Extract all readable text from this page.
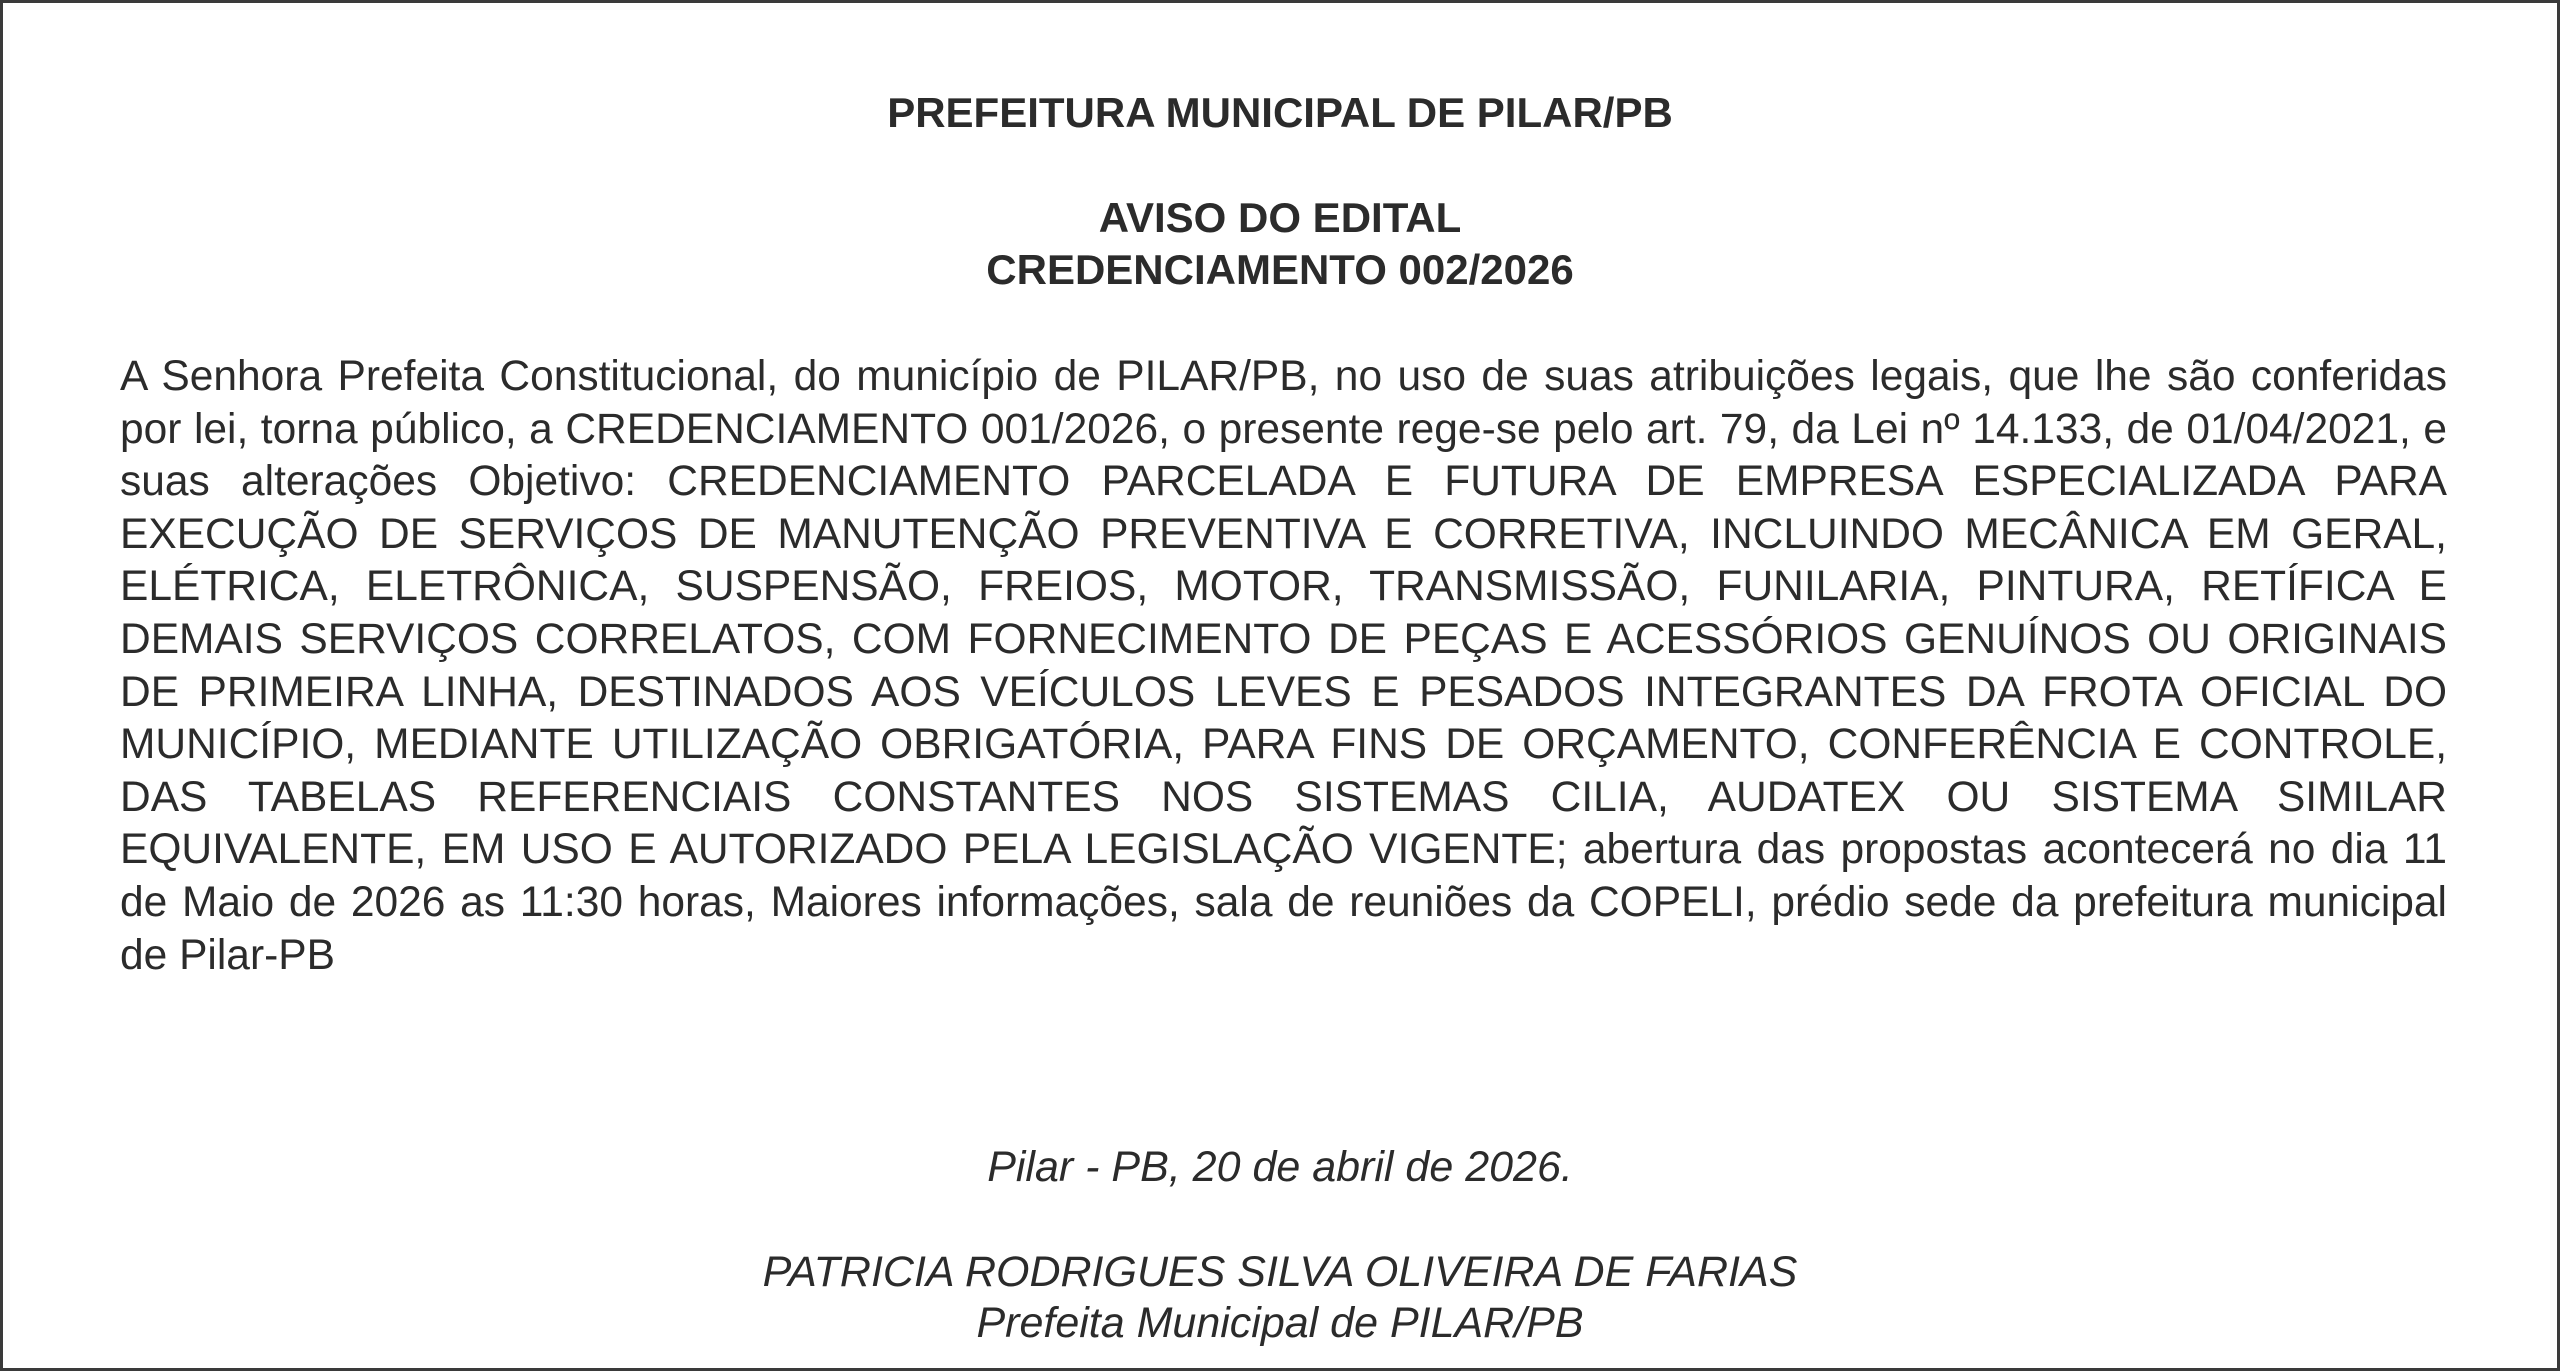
PREFEITURA MUNICIPAL DE PILAR/PB
AVISO DO EDITAL
CREDENCIAMENTO 002/2026

A Senhora Prefeita Constitucional, do município de PILAR/PB, no uso de suas atribuições legais, que lhe são conferidas por lei, torna público, a CREDENCIAMENTO 001/2026, o presente rege-se pelo art. 79, da Lei nº 14.133, de 01/04/2021, e suas alterações Objetivo: CREDENCIAMENTO PARCELADA E FUTURA DE EMPRESA ESPECIALIZADA PARA EXECUÇÃO DE SERVIÇOS DE MANUTENÇÃO PREVENTIVA E CORRETIVA, INCLUINDO MECÂNICA EM GERAL, ELÉTRICA, ELETRÔNICA, SUSPENSÃO, FREIOS, MOTOR, TRANSMISSÃO, FUNILARIA, PINTURA, RETÍFICA E DEMAIS SERVIÇOS CORRELATOS, COM FORNECIMENTO DE PEÇAS E ACESSÓRIOS GENUÍNOS OU ORIGINAIS DE PRIMEIRA LINHA, DESTINADOS AOS VEÍCULOS LEVES E PESADOS INTEGRANTES DA FROTA OFICIAL DO MUNICÍPIO, MEDIANTE UTILIZAÇÃO OBRIGATÓRIA, PARA FINS DE ORÇAMENTO, CONFERÊNCIA E CONTROLE, DAS TABELAS REFERENCIAIS CONSTANTES NOS SISTEMAS CILIA, AUDATEX OU SISTEMA SIMILAR EQUIVALENTE, EM USO E AUTORIZADO PELA LEGISLAÇÃO VIGENTE; abertura das propostas acontecerá no dia 11 de Maio de 2026 as 11:30 horas, Maiores informações, sala de reuniões da COPELI, prédio sede da prefeitura municipal de Pilar-PB

Pilar - PB, 20 de abril de 2026.

PATRICIA RODRIGUES SILVA OLIVEIRA DE FARIAS

Prefeita Municipal de PILAR/PB
